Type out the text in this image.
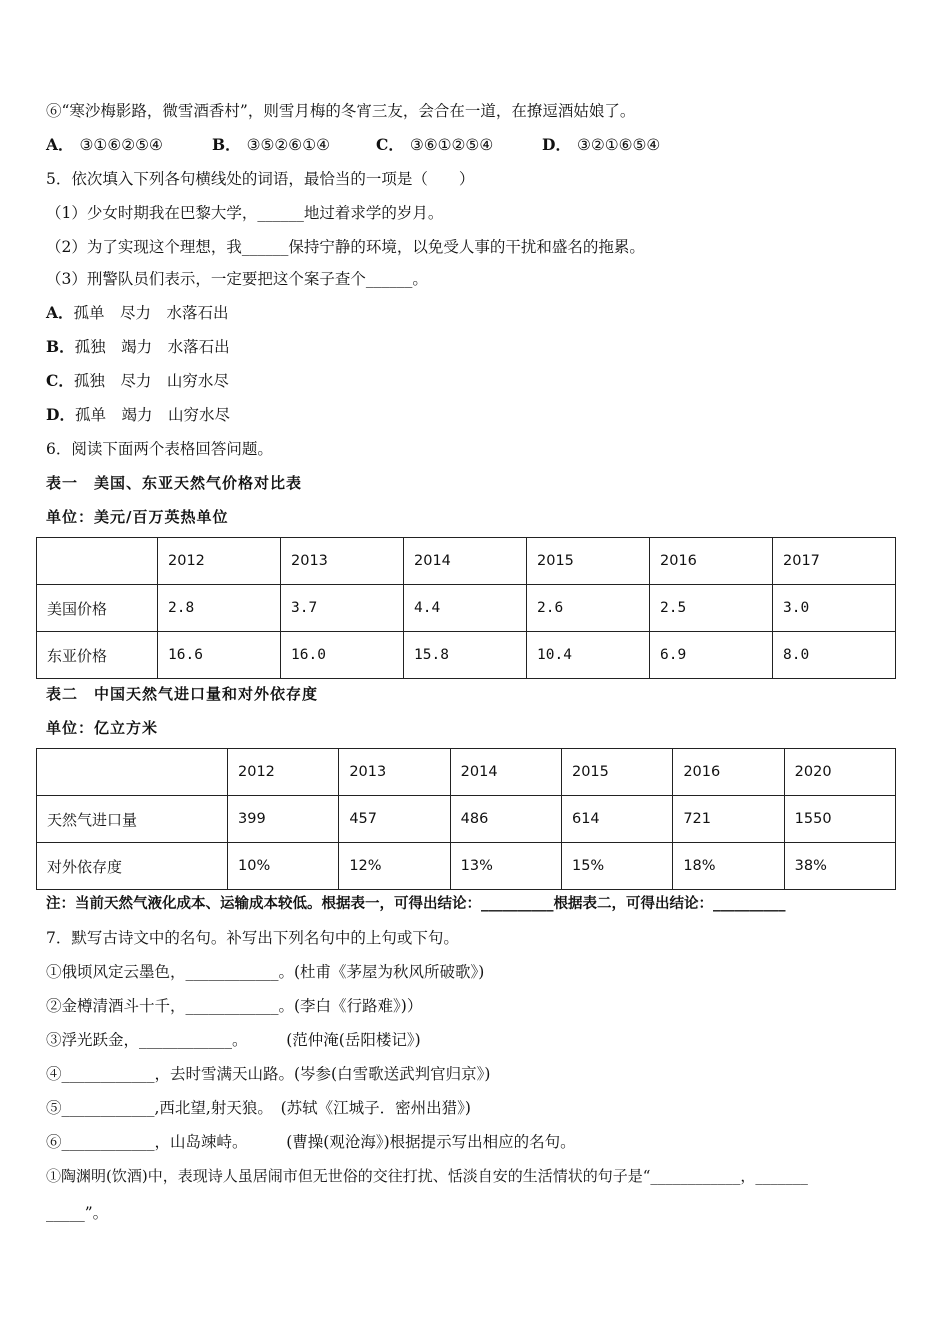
⑥“寒沙梅影路，微雪酒香村”，则雪月梅的冬宵三友，会合在一道，在撩逗酒姑娘了。
A． ③①⑥②⑤④	B． ③⑤②⑥①④	C． ③⑥①②⑤④	D． ③②①⑥⑤④
5．依次填入下列各句横线处的词语，最恰当的一项是（　　）
（1）少女时期我在巴黎大学，______地过着求学的岁月。
（2）为了实现这个理想，我______保持宁静的环境，以免受人事的干扰和盛名的拖累。
（3）刑警队员们表示，一定要把这个案子查个______。
A．孤单　尽力　水落石出
B．孤独　竭力　水落石出
C．孤独　尽力　山穷水尽
D．孤单　竭力　山穷水尽
6．阅读下面两个表格回答问题。
表一　美国、东亚天然气价格对比表
单位：美元/百万英热单位
	2012	2013	2014	2015	2016	2017
美国价格	2.8	3.7	4.4	2.6	2.5	3.0
东亚价格	16.6	16.0	15.8	10.4	6.9	8.0
表二　中国天然气进口量和对外依存度
单位：亿立方米
	2012	2013	2014	2015	2016	2020
天然气进口量	399	457	486	614	721	1550
对外依存度	10%	12%	13%	15%	18%	38%
注：当前天然气液化成本、运输成本较低。根据表一，可得出结论：__________根据表二，可得出结论：__________
7．默写古诗文中的名句。补写出下列名句中的上句或下句。
①俄顷风定云墨色，____________。(杜甫《茅屋为秋风所破歌》)
②金樽清酒斗十千，____________。(李白《行路难》)）
③浮光跃金，____________。　　　(范仲淹(岳阳楼记》)
④____________，去时雪满天山路。(岑参(白雪歌送武判官归京》)
⑤____________,西北望,射天狼。　(苏轼《江城子．密州出猎》)
⑥____________，山岛竦峙。　　　(曹操(观沧海》)根据提示写出相应的名句。
①陶渊明(饮酒)中，表现诗人虽居闹市但无世俗的交往打扰、恬淡自安的生活情状的句子是“____________，_______
_____”。
